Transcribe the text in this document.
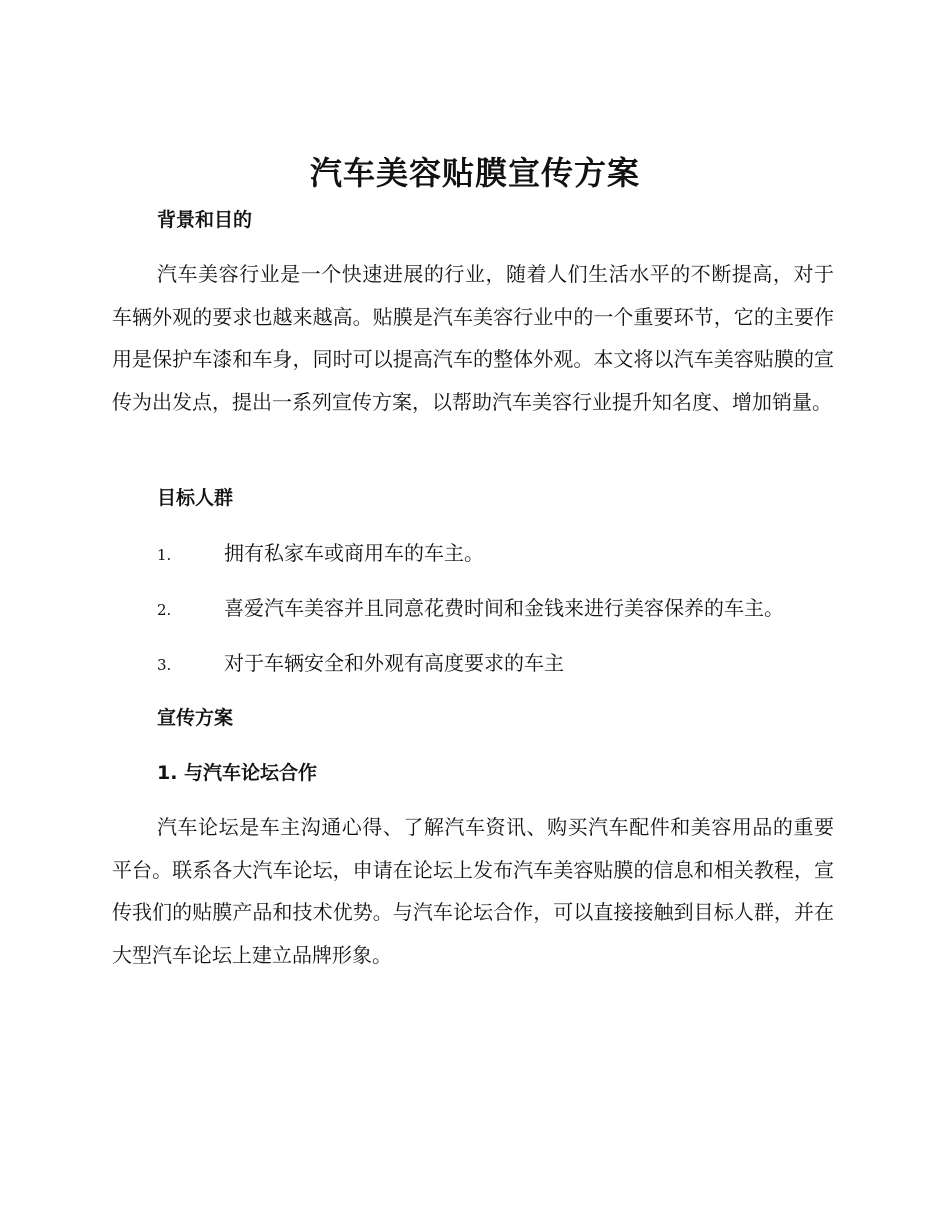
汽车美容贴膜宣传方案
背景和目的

汽车美容行业是一个快速进展的行业，随着人们生活水平的不断提高，对于车辆外观的要求也越来越高。贴膜是汽车美容行业中的一个重要环节，它的主要作用是保护车漆和车身，同时可以提高汽车的整体外观。本文将以汽车美容贴膜的宣传为出发点，提出一系列宣传方案，以帮助汽车美容行业提升知名度、增加销量。

目标人群
1.	拥有私家车或商用车的车主。
2.	喜爱汽车美容并且同意花费时间和金钱来进行美容保养的车主。
3.	对于车辆安全和外观有高度要求的车主
宣传方案
1. 与汽车论坛合作

汽车论坛是车主沟通心得、了解汽车资讯、购买汽车配件和美容用品的重要平台。联系各大汽车论坛，申请在论坛上发布汽车美容贴膜的信息和相关教程，宣传我们的贴膜产品和技术优势。与汽车论坛合作，可以直接接触到目标人群，并在大型汽车论坛上建立品牌形象。
